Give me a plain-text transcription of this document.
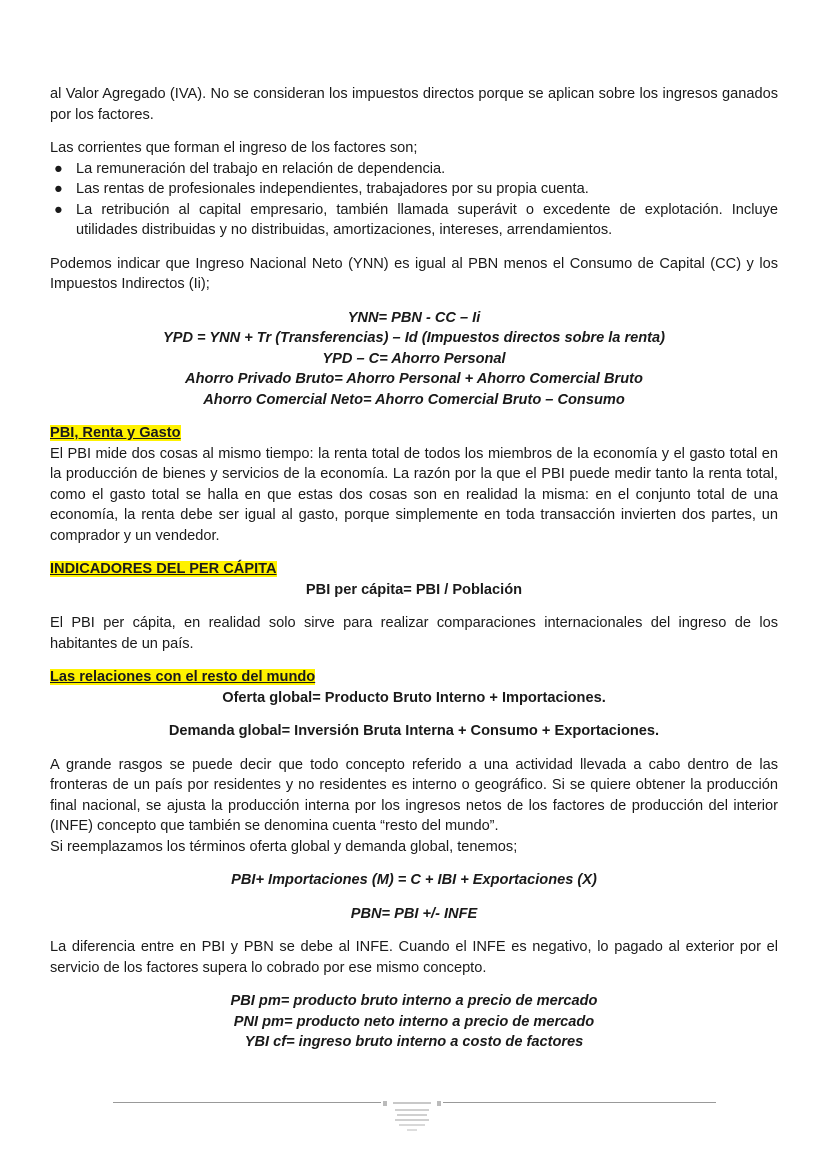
al Valor Agregado (IVA). No se consideran los impuestos directos porque se aplican sobre los ingresos ganados por los factores.

Las corrientes que forman el ingreso de los factores son;

● La remuneración del trabajo en relación de dependencia.
● Las rentas de profesionales independientes, trabajadores por su propia cuenta.
● La retribución al capital empresario, también llamada superávit o excedente de explotación. Incluye utilidades distribuidas y no distribuidas, amortizaciones, intereses, arrendamientos.

Podemos indicar que Ingreso Nacional Neto (YNN) es igual al PBN menos el Consumo de Capital (CC) y los Impuestos Indirectos (Ii);

YNN= PBN - CC – Ii
YPD = YNN + Tr (Transferencias) – Id (Impuestos directos sobre la renta)
YPD – C= Ahorro Personal
Ahorro Privado Bruto= Ahorro Personal + Ahorro Comercial Bruto
Ahorro Comercial Neto= Ahorro Comercial Bruto – Consumo
PBI, Renta y Gasto

El PBI mide dos cosas al mismo tiempo: la renta total de todos los miembros de la economía y el gasto total en la producción de bienes y servicios de la economía. La razón por la que el PBI puede medir tanto la renta total, como el gasto total se halla en que estas dos cosas son en realidad la misma: en el conjunto total de una economía, la renta debe ser igual al gasto, porque simplemente en toda transacción invierten dos partes, un comprador y un vendedor.

INDICADORES DEL PER CÁPITA
PBI per cápita= PBI / Población

El PBI per cápita, en realidad solo sirve para realizar comparaciones internacionales del ingreso de los habitantes de un país.

Las relaciones con el resto del mundo
Oferta global= Producto Bruto Interno + Importaciones.
Demanda global= Inversión Bruta Interna + Consumo + Exportaciones.

A grande rasgos se puede decir que todo concepto referido a una actividad llevada a cabo dentro de las fronteras de un país por residentes y no residentes es interno o geográfico. Si se quiere obtener la producción final nacional, se ajusta la producción interna por los ingresos netos de los factores de producción del interior (INFE) concepto que también se denomina cuenta “resto del mundo”.

Si reemplazamos los términos oferta global y demanda global, tenemos;

PBI+ Importaciones (M) = C + IBI + Exportaciones (X)
PBN= PBI +/- INFE

La diferencia entre en PBI y PBN se debe al INFE. Cuando el INFE es negativo, lo pagado al exterior por el servicio de los factores supera lo cobrado por ese mismo concepto.

PBI pm= producto bruto interno a precio de mercado
PNI pm= producto neto interno a precio de mercado
YBI cf= ingreso bruto interno a costo de factores
